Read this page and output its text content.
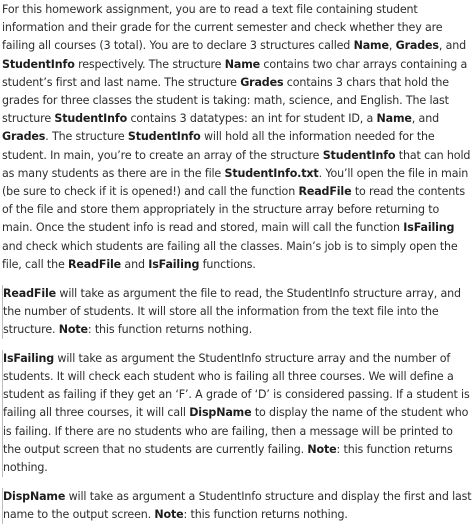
For this homework assignment, you are to read a text file containing student information and their grade for the current semester and check whether they are failing all courses (3 total). You are to declare 3 structures called Name, Grades, and StudentInfo respectively. The structure Name contains two char arrays containing a student’s first and last name. The structure Grades contains 3 chars that hold the grades for three classes the student is taking: math, science, and English. The last structure StudentInfo contains 3 datatypes: an int for student ID, a Name, and Grades. The structure StudentInfo will hold all the information needed for the student. In main, you’re to create an array of the structure StudentInfo that can hold as many students as there are in the file StudentInfo.txt. You’ll open the file in main (be sure to check if it is opened!) and call the function ReadFile to read the contents of the file and store them appropriately in the structure array before returning to main. Once the student info is read and stored, main will call the function IsFailing and check which students are failing all the classes. Main’s job is to simply open the file, call the ReadFile and IsFailing functions.

ReadFile will take as argument the file to read, the StudentInfo structure array, and the number of students. It will store all the information from the text file into the structure. Note: this function returns nothing.

IsFailing will take as argument the StudentInfo structure array and the number of students. It will check each student who is failing all three courses. We will define a student as failing if they get an ‘F’. A grade of ‘D’ is considered passing. If a student is failing all three courses, it will call DispName to display the name of the student who is failing. If there are no students who are failing, then a message will be printed to the output screen that no students are currently failing. Note: this function returns nothing.

DispName will take as argument a StudentInfo structure and display the first and last name to the output screen. Note: this function returns nothing.
